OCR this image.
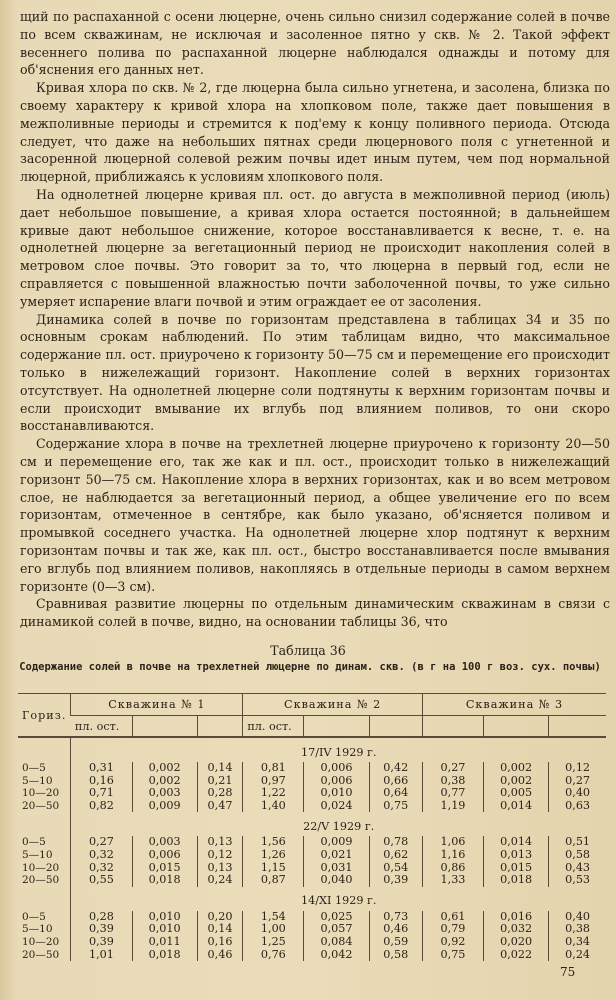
щий по распаханной с осени люцерне, очень сильно снизил содержание солей в почве по всем скважинам, не исключая и засоленное пятно у скв. № 2. Такой эффект весеннего полива по распаханной люцерне наблюдался однажды и потому для об'яснения его данных нет.

Кривая хлора по скв. № 2, где люцерна была сильно угнетена, и засолена, близка по своему характеру к кривой хлора на хлопковом поле, также дает повышения в межполивные периоды и стремится к под'ему к концу поливного периода. Отсюда следует, что даже на небольших пятнах среди люцернового поля с угнетенной и засоренной люцерной солевой режим почвы идет иным путем, чем под нормальной люцерной, приближаясь к условиям хлопкового поля.

На однолетней люцерне кривая пл. ост. до августа в межполивной период (июль) дает небольшое повышение, а кривая хлора остается постоянной; в дальнейшем кривые дают небольшое снижение, которое восстанавливается к весне, т. е. на однолетней люцерне за вегетационный период не происходит накопления солей в метровом слое почвы. Это говорит за то, что люцерна в первый год, если не справляется с повышенной влажностью почти заболоченной почвы, то уже сильно умеряет испарение влаги почвой и этим ограждает ее от засоления.

Динамика солей в почве по горизонтам представлена в таблицах 34 и 35 по основным срокам наблюдений. По этим таблицам видно, что максимальное содержание пл. ост. приурочено к горизонту 50—75 см и перемещение его происходит только в нижележащий горизонт. Накопление солей в верхних горизонтах отсутствует. На однолетней люцерне соли подтянуты к верхним горизонтам почвы и если происходит вмывание их вглубь под влиянием поливов, то они скоро восстанавливаются.

Содержание хлора в почве на трехлетней люцерне приурочено к горизонту 20—50 см и перемещение его, так же как и пл. ост., происходит только в нижележащий горизонт 50—75 см. Накопление хлора в верхних горизонтах, как и во всем метровом слое, не наблюдается за вегетационный период, а общее увеличение его по всем горизонтам, отмеченное в сентябре, как было указано, об'ясняется поливом и промывкой соседнего участка. На однолетней люцерне хлор подтянут к верхним горизонтам почвы и так же, как пл. ост., быстро восстанавливается после вмывания его вглубь под влиянием поливов, накопляясь в отдельные периоды в самом верхнем горизонте (0—3 см).

Сравнивая развитие люцерны по отдельным динамическим скважинам в связи с динамикой солей в почве, видно, на основании таблицы 36, что

Таблица 36
Содержание солей в почве на трехлетней люцерне по динам. скв. (в г на 100 г воз. сух. почвы)
Гориз.	Скважина № 1			Скважина № 2			Скважина № 3		
	пл. ост.			пл. ост.					
	17/IV 1929 г.								
0—5	0,31	0,002	0,14	0,81	0,006	0,42	0,27	0,002	0,12
5—10	0,16	0,002	0,21	0,97	0,006	0,66	0,38	0,002	0,27
10—20	0,71	0,003	0,28	1,22	0,010	0,64	0,77	0,005	0,40
20—50	0,82	0,009	0,47	1,40	0,024	0,75	1,19	0,014	0,63
	22/V 1929 г.								
0—5	0,27	0,003	0,13	1,56	0,009	0,78	1,06	0,014	0,51
5—10	0,32	0,006	0,12	1,26	0,021	0,62	1,16	0,013	0,58
10—20	0,32	0,015	0,13	1,15	0,031	0,54	0,86	0,015	0,43
20—50	0,55	0,018	0,24	0,87	0,040	0,39	1,33	0,018	0,53
	14/XI 1929 г.								
0—5	0,28	0,010	0,20	1,54	0,025	0,73	0,61	0,016	0,40
5—10	0,39	0,010	0,14	1,00	0,057	0,46	0,79	0,032	0,38
10—20	0,39	0,011	0,16	1,25	0,084	0,59	0,92	0,020	0,34
20—50	1,01	0,018	0,46	0,76	0,042	0,58	0,75	0,022	0,24
75
